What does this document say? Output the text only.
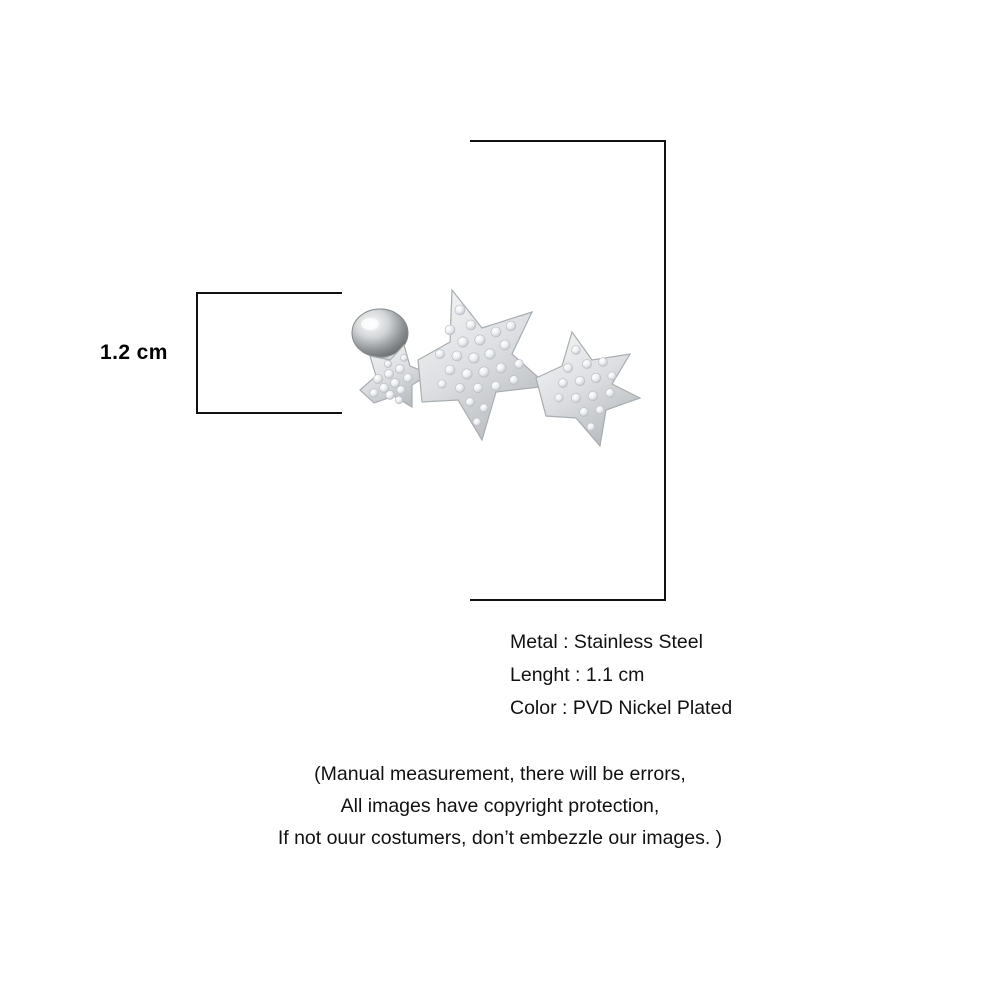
1.2 cm
Metal : Stainless Steel
Lenght : 1.1 cm
Color : PVD Nickel Plated
(Manual measurement, there will be errors,
All images have copyright protection,
If not ouur costumers, don’t embezzle our images. )
